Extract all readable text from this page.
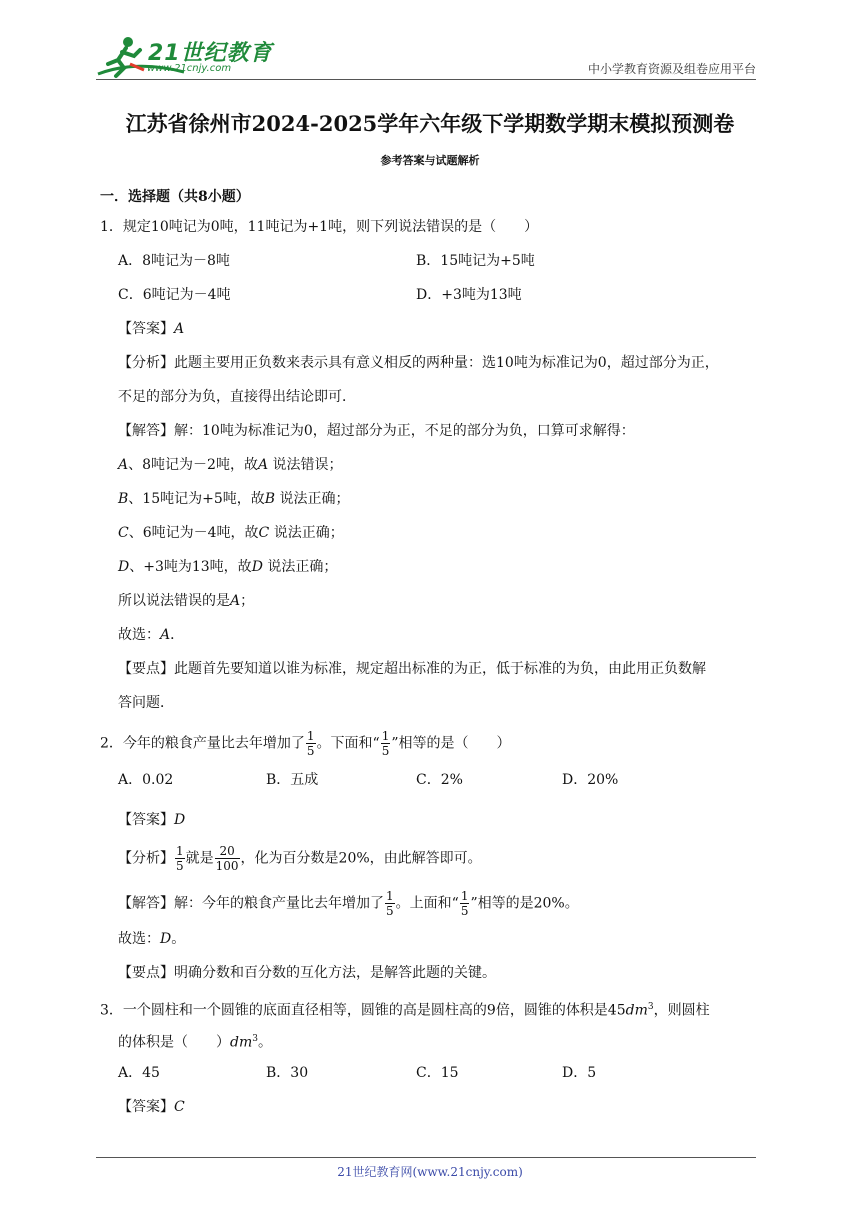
21世纪教育
www.21cnjy.com	中小学教育资源及组卷应用平台
江苏省徐州市2024-2025学年六年级下学期数学期末模拟预测卷
参考答案与试题解析
一．选择题（共8小题）
1．规定10吨记为0吨，11吨记为+1吨，则下列说法错误的是（　　）
A．8吨记为－8吨	B．15吨记为+5吨
C．6吨记为－4吨	D．+3吨为13吨
【答案】A
【分析】此题主要用正负数来表示具有意义相反的两种量：选10吨为标准记为0，超过部分为正，
不足的部分为负，直接得出结论即可．
【解答】解：10吨为标准记为0，超过部分为正，不足的部分为负，口算可求解得：
A、8吨记为－2吨，故A 说法错误；
B、15吨记为+5吨，故B 说法正确；
C、6吨记为－4吨，故C 说法正确；
D、+3吨为13吨，故D 说法正确；
所以说法错误的是A；
故选：A．
【要点】此题首先要知道以谁为标准，规定超出标准的为正，低于标准的为负，由此用正负数解
答问题．
2．今年的粮食产量比去年增加了 $\frac{1}{5}$ 。下面和“ $\frac{1}{5}$ ”相等的是（　　）
A．0.02	B．五成	C．2%	D．20%
【答案】D
【分析】 $\frac{1}{5}$ 就是 $\frac{20}{100}$ ，化为百分数是20%，由此解答即可。
【解答】解：今年的粮食产量比去年增加了 $\frac{1}{5}$ 。上面和“ $\frac{1}{5}$ ”相等的是20%。
故选：D。
【要点】明确分数和百分数的互化方法，是解答此题的关键。
3．一个圆柱和一个圆锥的底面直径相等，圆锥的高是圆柱高的9倍，圆锥的体积是$45dm^3$，则圆柱
的体积是（　　）$dm^3$。
A．45	B．30	C．15	D．5
【答案】C
21世纪教育网(www.21cnjy.com)
